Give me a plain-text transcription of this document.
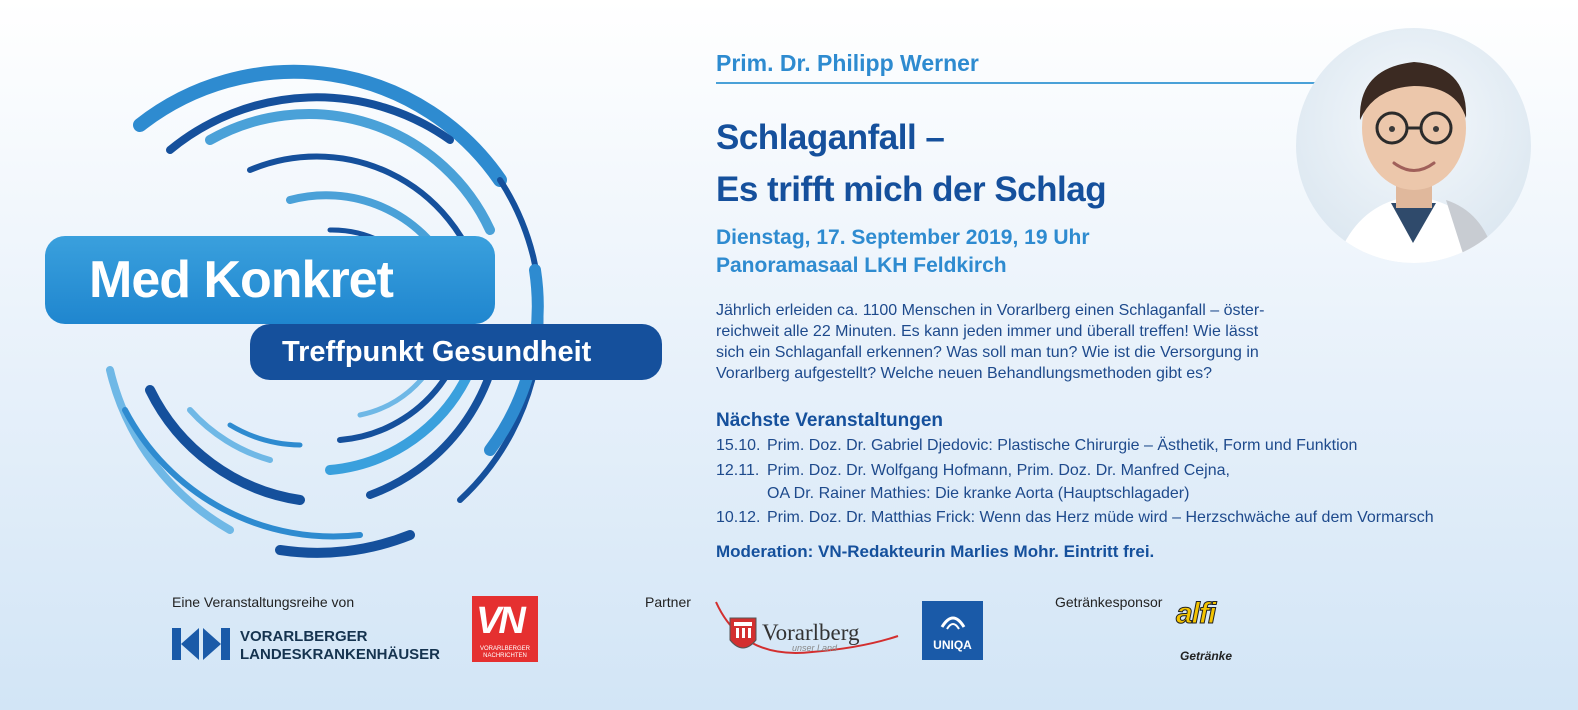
Med Konkret
Treffpunkt Gesundheit
Prim. Dr. Philipp Werner
Schlaganfall –
Es trifft mich der Schlag
Dienstag, 17. September 2019, 19 Uhr
Panoramasaal LKH Feldkirch
Jährlich erleiden ca. 1100 Menschen in Vorarlberg einen Schlaganfall – öster-
reichweit alle 22 Minuten. Es kann jeden immer und überall treffen! Wie lässt
sich ein Schlaganfall erkennen? Was soll man tun? Wie ist die Versorgung in
Vorarlberg aufgestellt? Welche neuen Behandlungsmethoden gibt es?
Nächste Veranstaltungen
15.10. Prim. Doz. Dr. Gabriel Djedovic: Plastische Chirurgie – Ästhetik, Form und Funktion
12.11. Prim. Doz. Dr. Wolfgang Hofmann, Prim. Doz. Dr. Manfred Cejna,
OA Dr. Rainer Mathies: Die kranke Aorta (Hauptschlagader)
10.12. Prim. Doz. Dr. Matthias Frick: Wenn das Herz müde wird – Herzschwäche auf dem Vormarsch
Moderation: VN-Redakteurin Marlies Mohr. Eintritt frei.
Eine Veranstaltungsreihe von
VORARLBERGER
LANDESKRANKENHÄUSER
VN
VORARLBERGER
NACHRICHTEN
Partner
Vorarlberg
unser Land	UNIQA
Getränkesponsor alfi
Getränke
